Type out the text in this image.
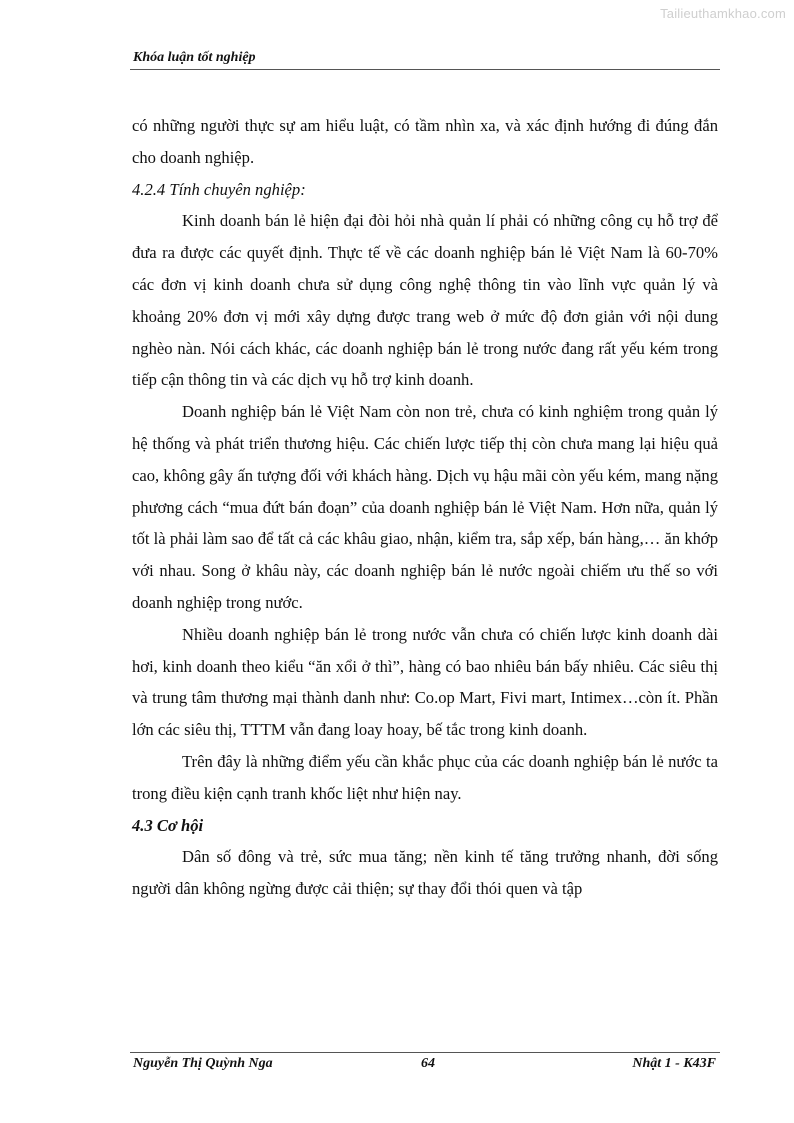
Tailieuthamkhao.com
Khóa luận tốt nghiệp

có những người thực sự am hiểu luật, có tầm nhìn xa, và xác định hướng đi đúng đắn cho doanh nghiệp.

4.2.4 Tính chuyên nghiệp:

Kinh doanh bán lẻ hiện đại đòi hỏi nhà quản lí phải có những công cụ hỗ trợ để đưa ra được các quyết định. Thực tế về các doanh nghiệp bán lẻ Việt Nam là 60-70% các đơn vị kinh doanh chưa sử dụng công nghệ thông tin vào lĩnh vực quản lý và khoảng 20% đơn vị mới xây dựng được trang web ở mức độ đơn giản với nội dung nghèo nàn. Nói cách khác, các doanh nghiệp bán lẻ trong nước đang rất yếu kém trong tiếp cận thông tin và các dịch vụ hỗ trợ kinh doanh.

Doanh nghiệp bán lẻ Việt Nam còn non trẻ, chưa có kinh nghiệm trong quản lý hệ thống và phát triển thương hiệu. Các chiến lược tiếp thị còn chưa mang lại hiệu quả cao, không gây ấn tượng đối với khách hàng. Dịch vụ hậu mãi còn yếu kém, mang nặng phương cách “mua đứt bán đoạn” của doanh nghiệp bán lẻ Việt Nam. Hơn nữa, quản lý tốt là phải làm sao để tất cả các khâu giao, nhận, kiểm tra, sắp xếp, bán hàng,… ăn khớp với nhau. Song ở khâu này, các doanh nghiệp bán lẻ nước ngoài chiếm ưu thế so với doanh nghiệp trong nước.

Nhiều doanh nghiệp bán lẻ trong nước vẫn chưa có chiến lược kinh doanh dài hơi, kinh doanh theo kiểu “ăn xổi ở thì”, hàng có bao nhiêu bán bấy nhiêu. Các siêu thị và trung tâm thương mại thành danh như: Co.op Mart, Fivi mart, Intimex…còn ít. Phần lớn các siêu thị, TTTM vẫn đang loay hoay, bế tắc trong kinh doanh.

Trên đây là những điểm yếu cần khắc phục của các doanh nghiệp bán lẻ nước ta trong điều kiện cạnh tranh khốc liệt như hiện nay.

4.3 Cơ hội

Dân số đông và trẻ, sức mua tăng; nền kinh tế tăng trưởng nhanh, đời sống người dân không ngừng được cải thiện; sự thay đổi thói quen và tập

Nguyễn Thị Quỳnh Nga	64	Nhật 1 - K43F
